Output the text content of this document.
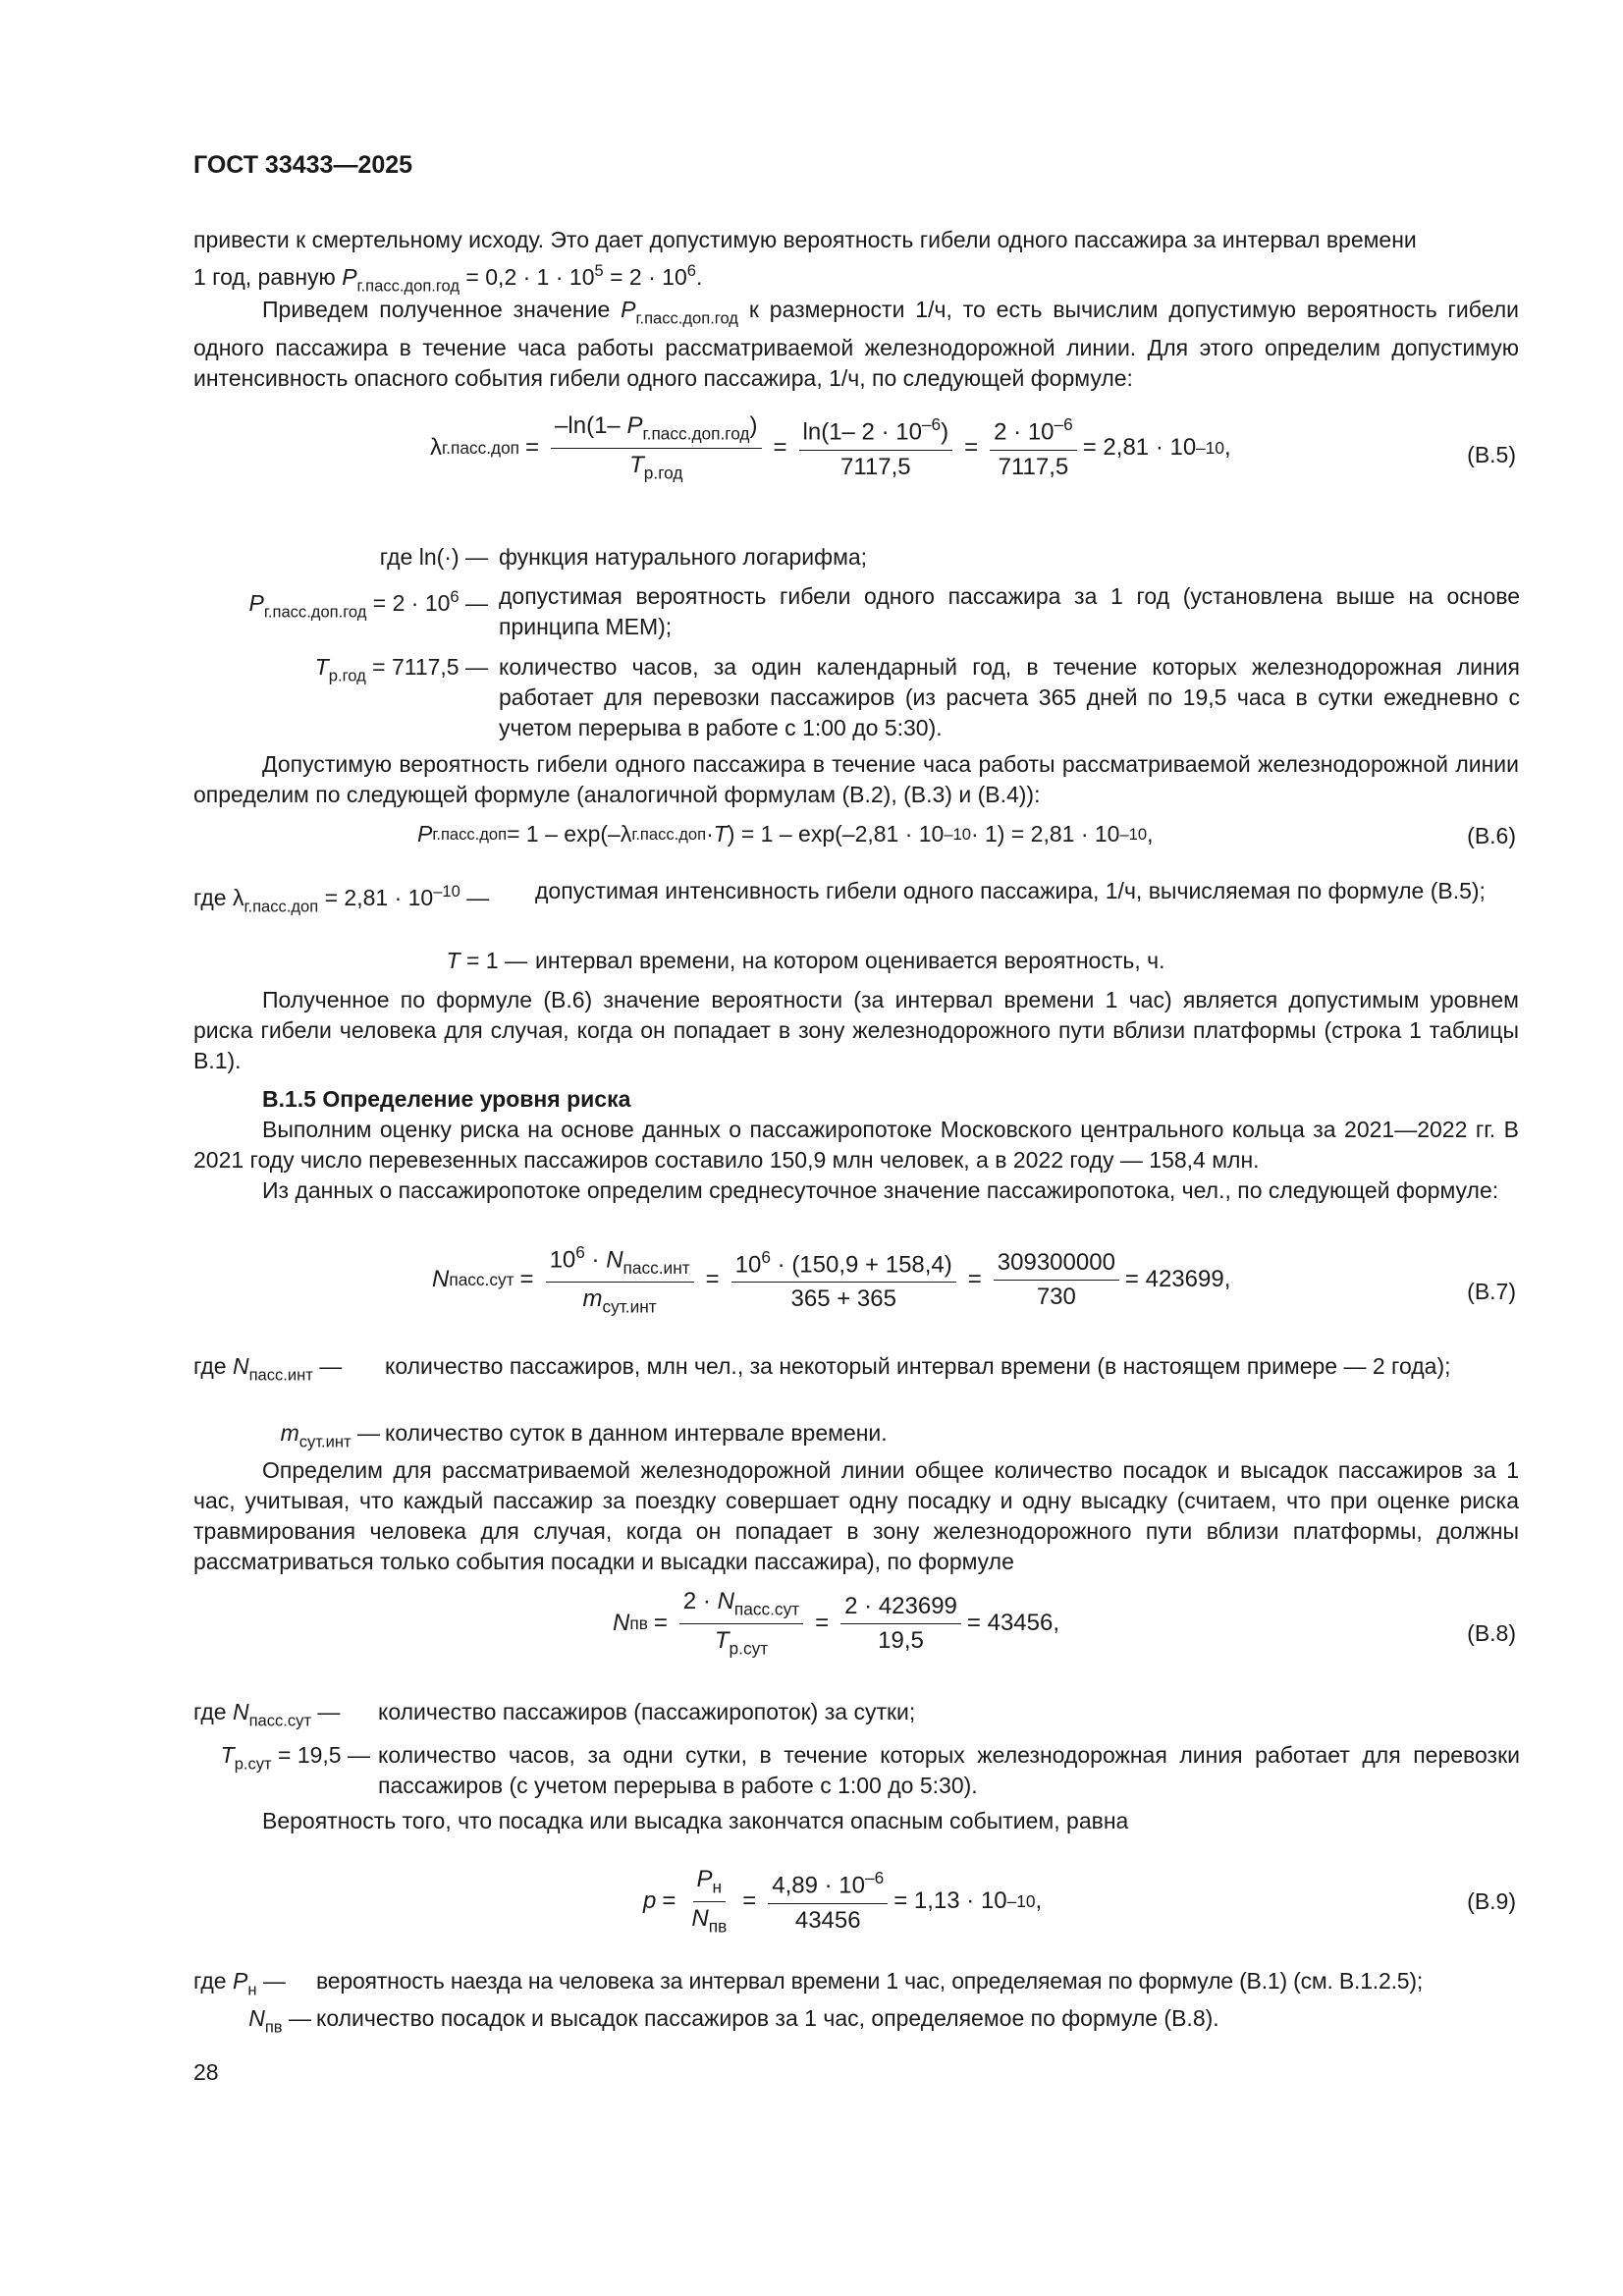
ГОСТ 33433—2025
привести к смертельному исходу. Это дает допустимую вероятность гибели одного пассажира за интервал времени
1 год, равную $P_{г.пасс.доп.год} = 0,2 \cdot 1 \cdot 10^5 = 2 \cdot 10^6$.
Приведем полученное значение $P_{г.пасс.доп.год}$ к размерности 1/ч, то есть вычислим допустимую вероятность гибели одного пассажира в течение часа работы рассматриваемой железнодорожной линии. Для этого определим допустимую интенсивность опасного события гибели одного пассажира, 1/ч, по следующей формуле:
λ г.пасс.доп = $\frac{-\ln(1- P_{г.пасс.доп.год})}{T_{р.год}} = \frac{\ln(1- 2 \cdot 10^{-6})}{7117,5} = \frac{2 \cdot 10^{-6}}{7117,5} = 2,81 \cdot 10$ –10 ,	(В.5)
где ln(·) — функция натурального логарифма;
$P_{г.пасс.доп.год} = 2 \cdot 10^6$ — допустимая вероятность гибели одного пассажира за 1 год (установлена выше на основе принципа МЕМ);
$T_{р.год} = 7117,5$ — количество часов, за один календарный год, в течение которых железнодорожная линия работает для перевозки пассажиров (из расчета 365 дней по 19,5 часа в сутки ежедневно с учетом перерыва в работе с 1:00 до 5:30).
Допустимую вероятность гибели одного пассажира в течение часа работы рассматриваемой железнодорожной линии определим по следующей формуле (аналогичной формулам (В.2), (В.3) и (В.4)):
P г.пасс.доп = 1 – exp(–λ г.пасс.доп · T ) = 1 – exp(–2,81 · 10 –10 · 1) = 2,81 · 10 –10 ,	(В.6)
где $\lambda_{г.пасс.доп} = 2,81 \cdot 10^{-10}$ —	допустимая интенсивность гибели одного пассажира, 1/ч, вычисляемая по формуле (В.5);
T = 1 — интервал времени, на котором оценивается вероятность, ч.
Полученное по формуле (В.6) значение вероятности (за интервал времени 1 час) является допустимым уровнем риска гибели человека для случая, когда он попадает в зону железнодорожного пути вблизи платформы (строка 1 таблицы В.1).
В.1.5 Определение уровня риска
Выполним оценку риска на основе данных о пассажиропотоке Московского центрального кольца за 2021—2022 гг. В 2021 году число перевезенных пассажиров составило 150,9 млн человек, а в 2022 году — 158,4 млн.
Из данных о пассажиропотоке определим среднесуточное значение пассажиропотока, чел., по следующей формуле:
N пасс.сут = $\frac{10^6 \cdot N_{пасс.инт}}{m_{сут.инт}} = \frac{10^6 \cdot (150,9 + 158,4)}{365 + 365} = \frac{309300000}{730} = 423699$,	(В.7)
где $N_{пасс.инт}$ —	количество пассажиров, млн чел., за некоторый интервал времени (в настоящем примере — 2 года);
$m_{сут.инт}$ — количество суток в данном интервале времени.
Определим для рассматриваемой железнодорожной линии общее количество посадок и высадок пассажиров за 1 час, учитывая, что каждый пассажир за поездку совершает одну посадку и одну высадку (считаем, что при оценке риска травмирования человека для случая, когда он попадает в зону железнодорожного пути вблизи платформы, должны рассматриваться только события посадки и высадки пассажира), по формуле
N пв = $\frac{2 \cdot N_{пасс.сут}}{T_{р.сут}} = \frac{2 \cdot 423699}{19,5} = 43456$,	(В.8)
где $N_{пасс.сут}$ —	количество пассажиров (пассажиропоток) за сутки;
$T_{р.сут} = 19,5$ — количество часов, за одни сутки, в течение которых железнодорожная линия работает для перевозки пассажиров (с учетом перерыва в работе с 1:00 до 5:30).
Вероятность того, что посадка или высадка закончатся опасным событием, равна
$p = \frac{P_н}{N_{пв}} = \frac{4,89 \cdot 10^{-6}}{43456} = 1,13 \cdot 10$ –10 ,	(В.9)
где $P_н$ —	вероятность наезда на человека за интервал времени 1 час, определяемая по формуле (В.1) (см. В.1.2.5);
$N_{пв}$ — количество посадок и высадок пассажиров за 1 час, определяемое по формуле (В.8).
28
